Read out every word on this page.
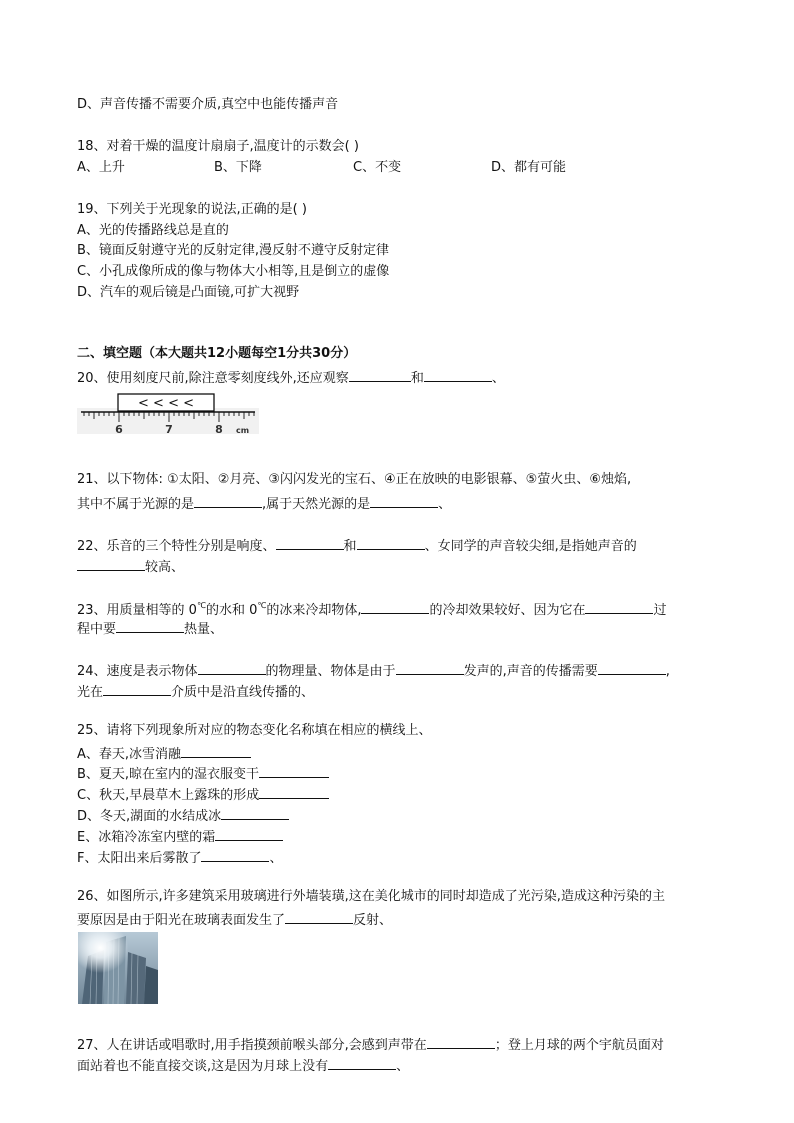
D、声音传播不需要介质,真空中也能传播声音
18、对着干燥的温度计扇扇子,温度计的示数会( )
A、上升	B、下降	C、不变	D、都有可能
19、下列关于光现象的说法,正确的是( )
A、光的传播路线总是直的
B、镜面反射遵守光的反射定律,漫反射不遵守反射定律
C、小孔成像所成的像与物体大小相等,且是倒立的虚像
D、汽车的观后镜是凸面镜,可扩大视野
二、填空题（本大题共12小题每空1分共30分）
20、使用刻度尺前,除注意零刻度线外,还应观察	和	、
< < < <
6	7	8 cm
21、以下物体: ①太阳、②月亮、③闪闪发光的宝石、④正在放映的电影银幕、⑤萤火虫、⑥烛焰,
其中不属于光源的是	,属于天然光源的是	、
22、乐音的三个特性分别是响度、	和	、女同学的声音较尖细,是指她声音的
较高、
23、用质量相等的 0℃的水和 0℃的冰来冷却物体,	的冷却效果较好、因为它在	过
程中要	热量、
24、速度是表示物体	的物理量、物体是由于	发声的,声音的传播需要	,
光在	介质中是沿直线传播的、
25、请将下列现象所对应的物态变化名称填在相应的横线上、
A、春天,冰雪消融
B、夏天,晾在室内的湿衣服变干
C、秋天,早晨草木上露珠的形成
D、冬天,湖面的水结成冰
E、冰箱冷冻室内壁的霜
F、太阳出来后雾散了	、
26、如图所示,许多建筑采用玻璃进行外墙装璜,这在美化城市的同时却造成了光污染,造成这种污染的主
要原因是由于阳光在玻璃表面发生了	反射、
27、人在讲话或唱歌时,用手指摸颈前喉头部分,会感到声带在	；登上月球的两个宇航员面对
面站着也不能直接交谈,这是因为月球上没有	、
